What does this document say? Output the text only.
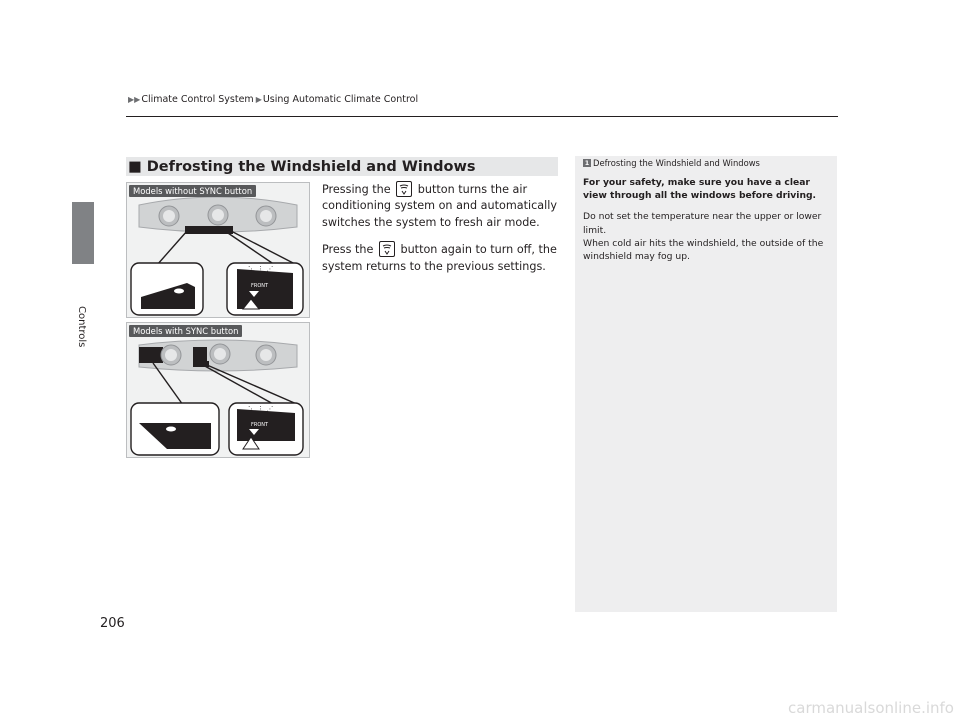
▶▶ Climate Control System ▶ Using Automatic Climate Control
Controls
■ Defrosting the Windshield and Windows
Models without SYNC button
FRONT
⋱ ⋮ ⋰
Models with SYNC button
FRONT
⋱ ⋮ ⋰

Pressing the button turns the air conditioning system on and automatically switches the system to fresh air mode.

Press the button again to turn off, the system returns to the previous settings.

1 Defrosting the Windshield and Windows

For your safety, make sure you have a clear view through all the windows before driving.

Do not set the temperature near the upper or lower limit.

When cold air hits the windshield, the outside of the windshield may fog up.

206
carmanualsonline.info
